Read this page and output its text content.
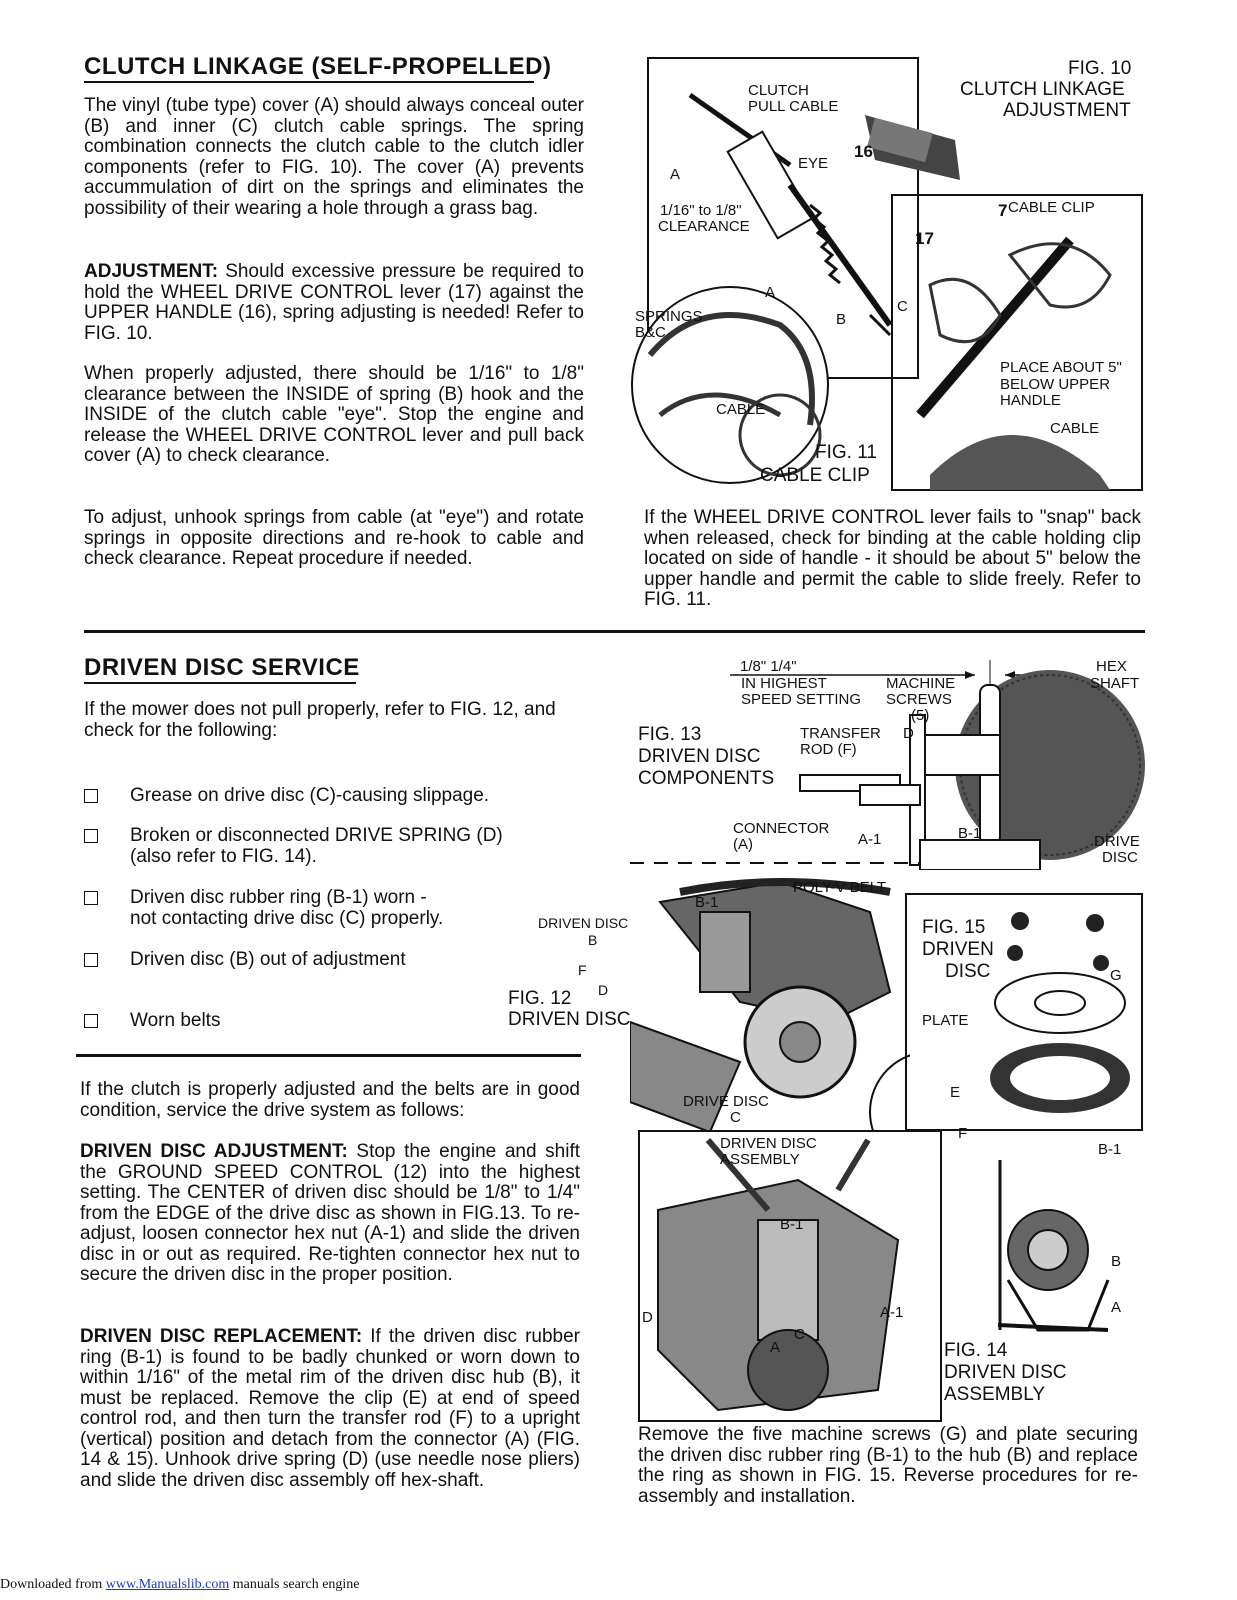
CLUTCH LINKAGE (SELF-PROPELLED)
The vinyl (tube type) cover (A) should always conceal outer (B) and inner (C) clutch cable springs. The spring combination connects the clutch cable to the clutch idler components (refer to FIG. 10). The cover (A) prevents accummulation of dirt on the springs and eliminates the possibility of their wearing a hole through a grass bag.
ADJUSTMENT: Should excessive pressure be required to hold the WHEEL DRIVE CONTROL lever (17) against the UPPER HANDLE (16), spring adjusting is needed! Refer to FIG. 10.
When properly adjusted, there should be 1/16" to 1/8" clearance between the INSIDE of spring (B) hook and the INSIDE of the clutch cable "eye". Stop the engine and release the WHEEL DRIVE CONTROL lever and pull back cover (A) to check clearance.
To adjust, unhook springs from cable (at "eye") and rotate springs in opposite directions and re-hook to cable and check clearance. Repeat procedure if needed.
CLUTCH
PULL CABLE
EYE
16
A
1/16" to 1/8"
CLEARANCE
7 CABLE CLIP
17
A
SPRINGS
B&C
B
C
PLACE ABOUT 5"
BELOW UPPER
HANDLE
CABLE
CABLE
FIG. 10
CLUTCH LINKAGE
ADJUSTMENT
FIG. 11
CABLE CLIP
If the WHEEL DRIVE CONTROL lever fails to "snap" back when released, check for binding at the cable holding clip located on side of handle - it should be about 5" below the upper handle and permit the cable to slide freely. Refer to FIG. 11.
DRIVEN DISC SERVICE
If the mower does not pull properly, refer to FIG. 12, and check for the following:
Grease on drive disc (C)-causing slippage.
Broken or disconnected DRIVE SPRING (D)
(also refer to FIG. 14).
Driven disc rubber ring (B-1) worn -
not contacting drive disc (C) properly.
Driven disc (B) out of adjustment
Worn belts
If the clutch is properly adjusted and the belts are in good condition, service the drive system as follows:
DRIVEN DISC ADJUSTMENT: Stop the engine and shift the GROUND SPEED CONTROL (12) into the highest setting. The CENTER of driven disc should be 1/8" to 1/4" from the EDGE of the drive disc as shown in FIG.13. To re-adjust, loosen connector hex nut (A-1) and slide the driven disc in or out as required. Re-tighten connector hex nut to secure the driven disc in the proper position.
DRIVEN DISC REPLACEMENT: If the driven disc rubber ring (B-1) is found to be badly chunked or worn down to within 1/16" of the metal rim of the driven disc hub (B), it must be replaced. Remove the clip (E) at end of speed control rod, and then turn the transfer rod (F) to a upright (vertical) position and detach from the connector (A) (FIG. 14 & 15). Unhook drive spring (D) (use needle nose pliers) and slide the driven disc assembly off hex-shaft.
1/8" 1/4"
IN HIGHEST
SPEED SETTING
MACHINE
SCREWS
(5)
HEX
SHAFT
TRANSFER
ROD (F)
D
CONNECTOR
(A)	A-1	B-1	DRIVE
DISC
FIG. 13
DRIVEN DISC
COMPONENTS
POLY-V BELT
B-1
DRIVEN DISC
B
F
D
DRIVE DISC
C
E
F
FIG. 12
DRIVEN DISC
FIG. 15
DRIVEN
DISC	G
PLATE
DRIVEN DISC
ASSEMBLY
B-1
D
C
A
A-1
B-1
B
A
FIG. 14
DRIVEN DISC
ASSEMBLY
Remove the five machine screws (G) and plate securing the driven disc rubber ring (B-1) to the hub (B) and replace the ring as shown in FIG. 15. Reverse procedures for re-assembly and installation.
Downloaded from www.Manualslib.com manuals search engine
